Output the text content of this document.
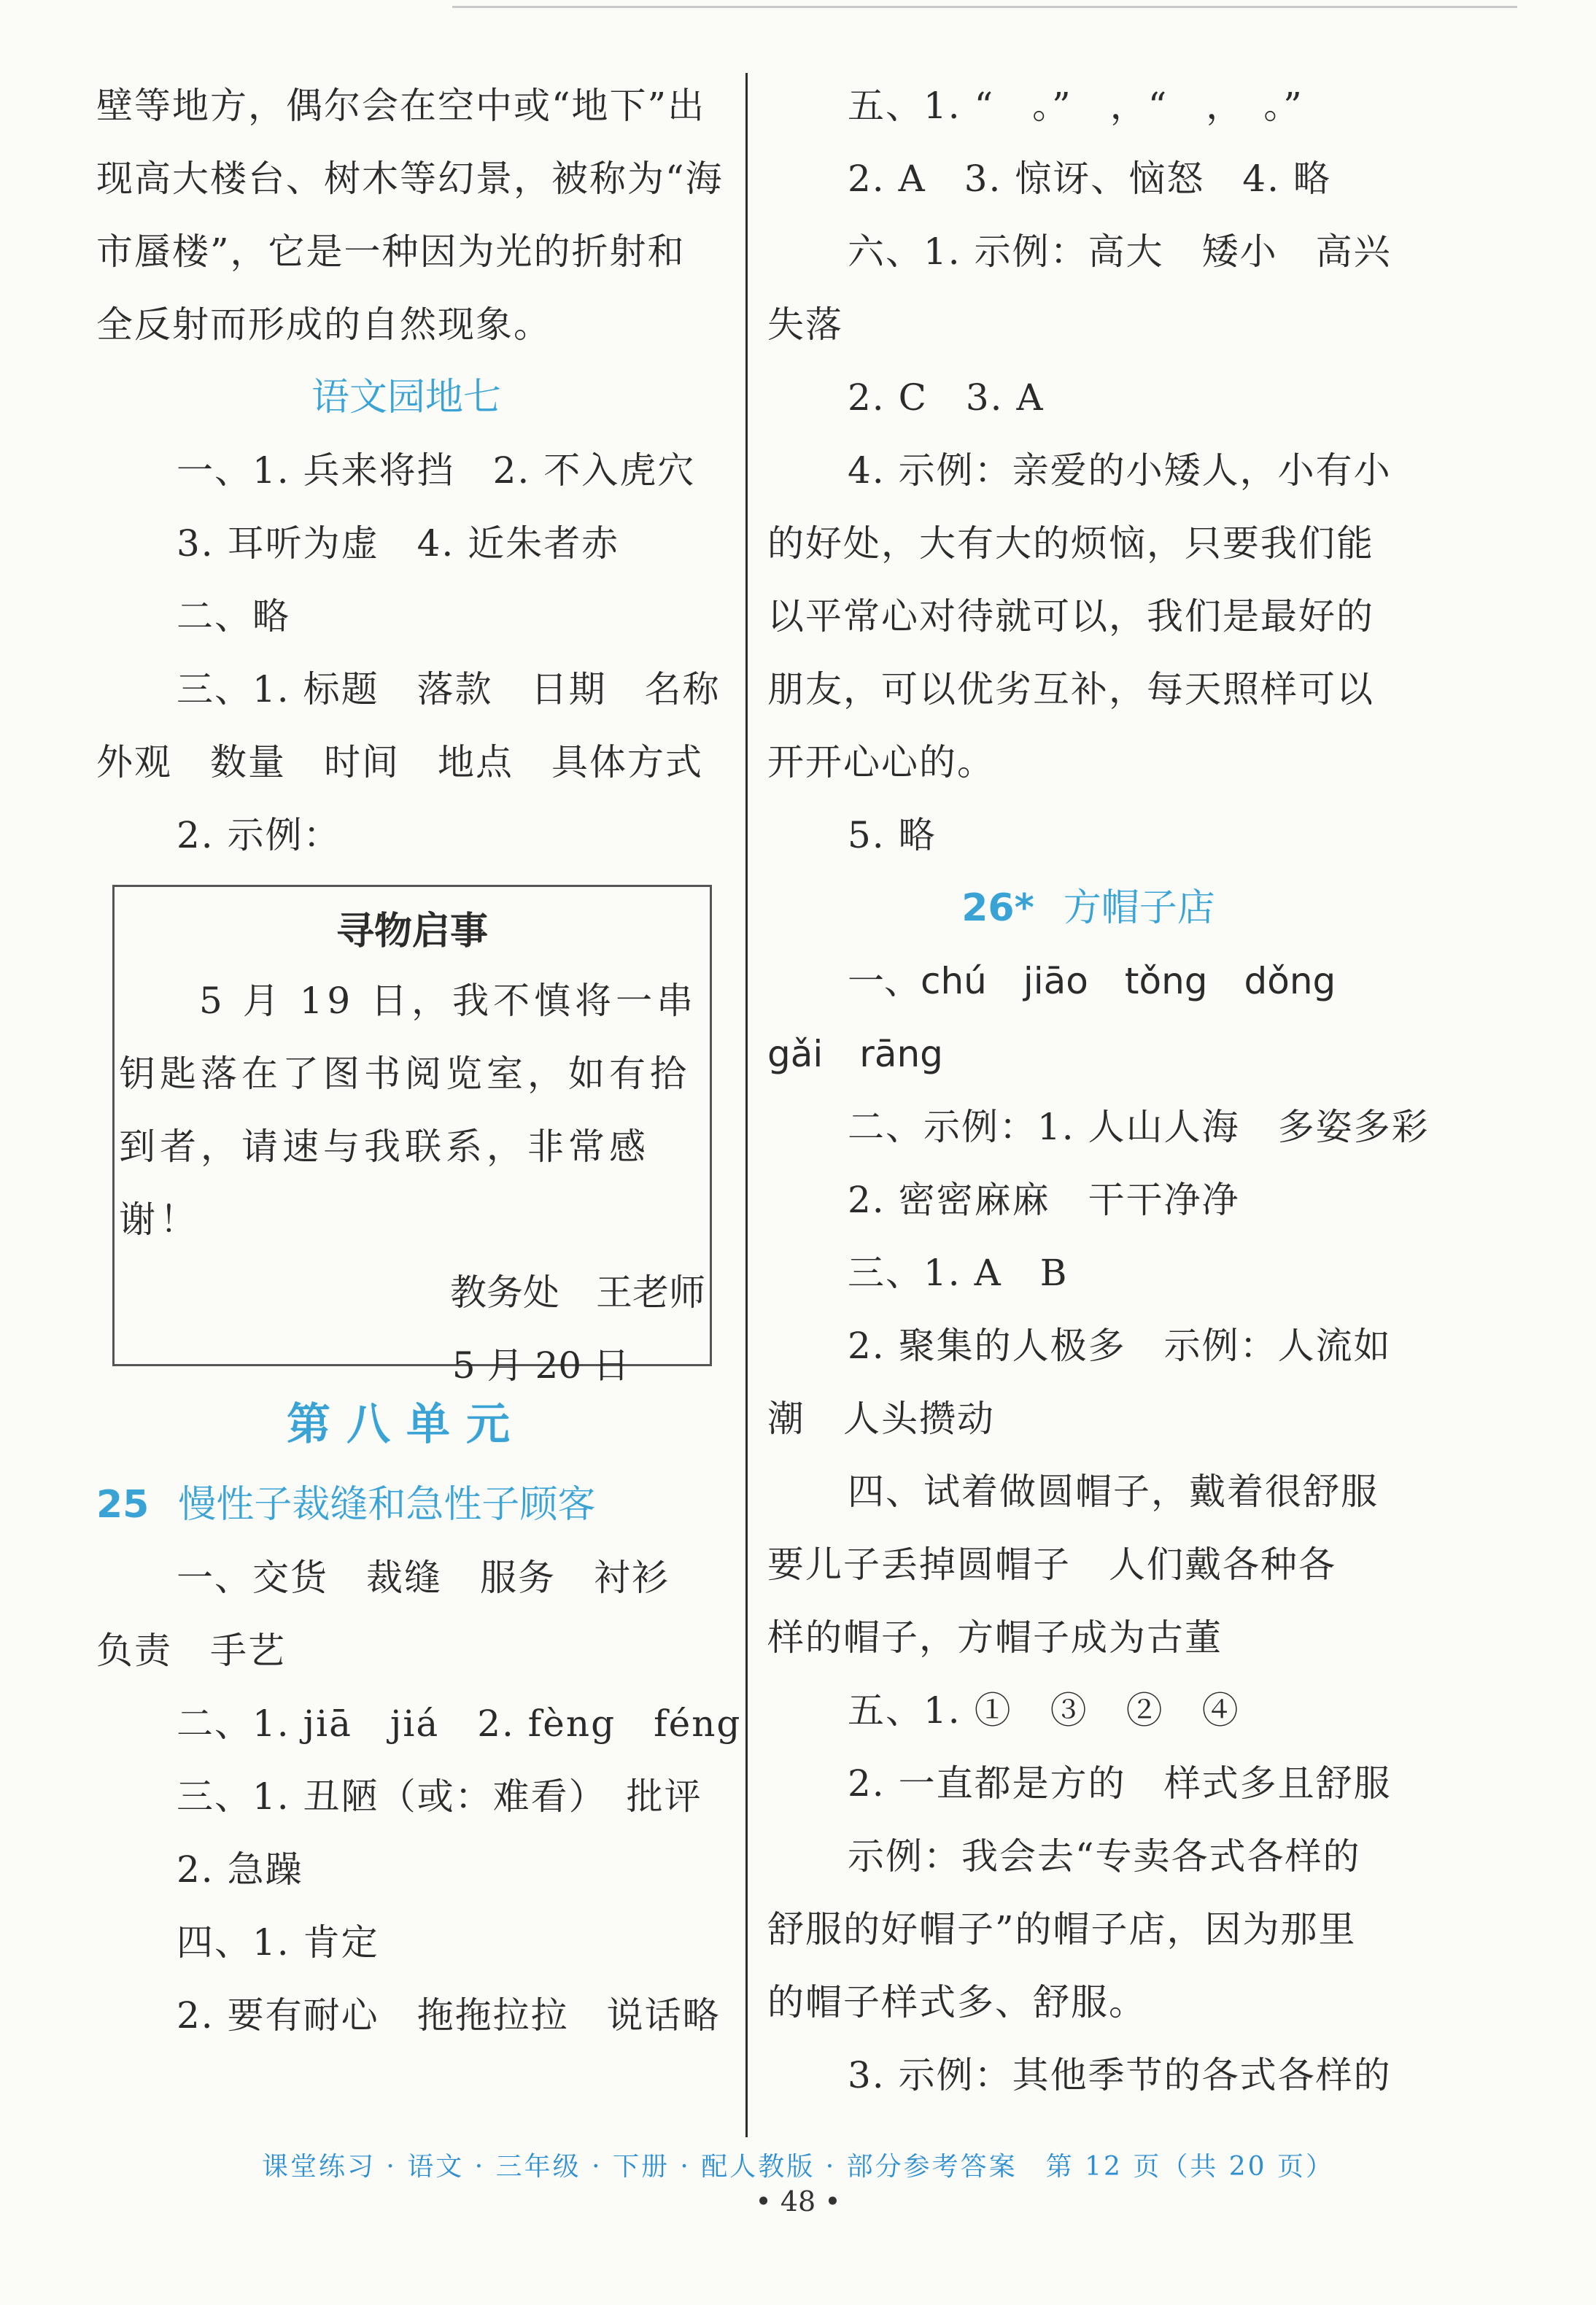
壁等地方，偶尔会在空中或“地下”出

现高大楼台、树木等幻景，被称为“海

市蜃楼”，它是一种因为光的折射和

全反射而形成的自然现象。

语文园地七

一、1. 兵来将挡　2. 不入虎穴

3. 耳听为虚　4. 近朱者赤

二、略

三、1. 标题　落款　日期　名称

外观　数量　时间　地点　具体方式

2. 示例：

寻物启事
5 月 19 日，我不慎将一串钥匙落在了图书阅览室，如有拾到者，请速与我联系，非常感谢！
教务处　王老师
5 月 20 日

第八单元

25 慢性子裁缝和急性子顾客

一、交货　裁缝　服务　衬衫

负责　手艺

二、1. jiā　jiá　2. fèng　féng

三、1. 丑陋（或：难看）　批评

2. 急躁

四、1. 肯定

2. 要有耐心　拖拖拉拉　说话略

五、1. “　。”　，“　，　。”

2. A　3. 惊讶、恼怒　4. 略

六、1. 示例：高大　矮小　高兴

失落

2. C　3. A

4. 示例：亲爱的小矮人，小有小

的好处，大有大的烦恼，只要我们能

以平常心对待就可以，我们是最好的

朋友，可以优劣互补，每天照样可以

开开心心的。

5. 略

26* 方帽子店

一、chú　jiāo　tǒng　dǒng

gǎi　rāng

二、示例：1. 人山人海　多姿多彩

2. 密密麻麻　干干净净

三、1. A　B

2. 聚集的人极多　示例：人流如

潮　人头攒动

四、试着做圆帽子，戴着很舒服

要儿子丢掉圆帽子　人们戴各种各

样的帽子，方帽子成为古董

五、1. ①　③　②　④

2. 一直都是方的　样式多且舒服

示例：我会去“专卖各式各样的

舒服的好帽子”的帽子店，因为那里

的帽子样式多、舒服。

3. 示例：其他季节的各式各样的

课堂练习 · 语文 · 三年级 · 下册 · 配人教版 · 部分参考答案　第 12 页（共 20 页）
• 48 •
